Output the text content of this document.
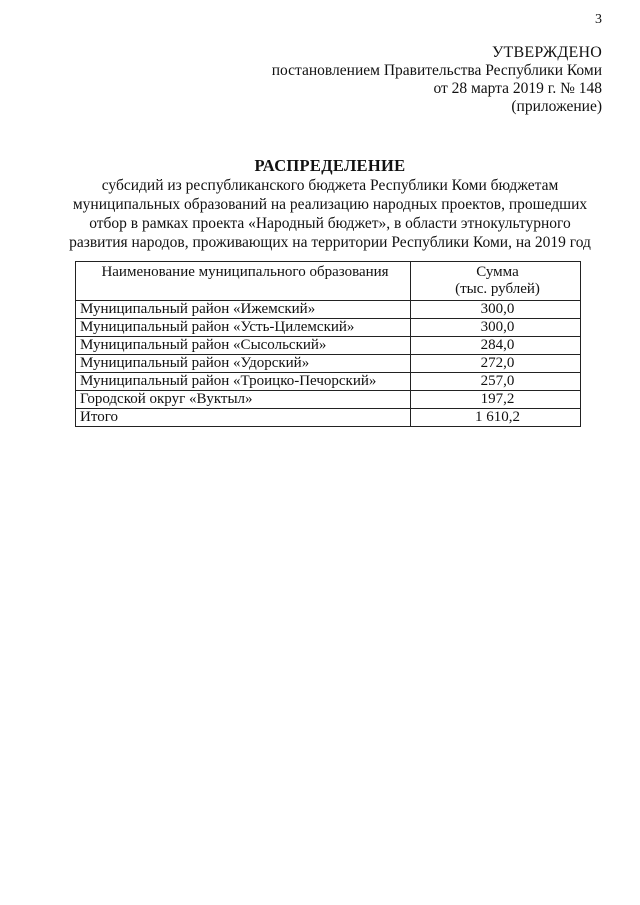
3
УТВЕРЖДЕНО
постановлением Правительства Республики Коми
от 28 марта 2019 г. № 148
(приложение)
РАСПРЕДЕЛЕНИЕ
субсидий из республиканского бюджета Республики Коми бюджетам
муниципальных образований на реализацию народных проектов, прошедших
отбор в рамках проекта «Народный бюджет», в области этнокультурного
развития народов, проживающих на территории Республики Коми, на 2019 год
Наименование муниципального образования	Сумма
(тыс. рублей)

Муниципальный район «Ижемский»	300,0
Муниципальный район «Усть-Цилемский»	300,0
Муниципальный район «Сысольский»	284,0
Муниципальный район «Удорский»	272,0
Муниципальный район «Троицко-Печорский»	257,0
Городской округ «Вуктыл»	197,2
Итого	1 610,2
